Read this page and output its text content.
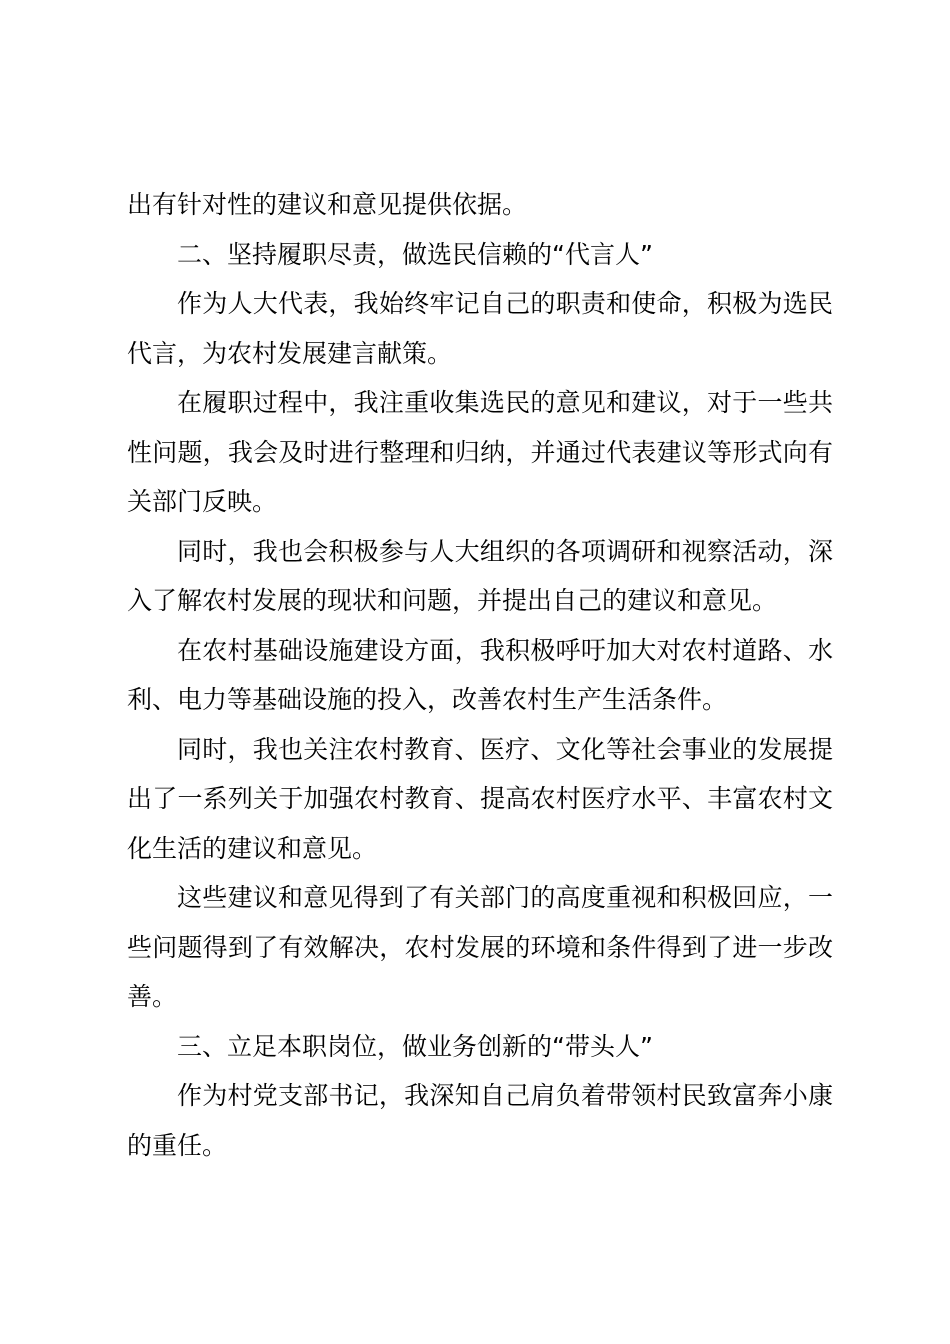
出有针对性的建议和意见提供依据。

二、坚持履职尽责，做选民信赖的“代言人”

作为人大代表，我始终牢记自己的职责和使命，积极为选民代言，为农村发展建言献策。

在履职过程中，我注重收集选民的意见和建议，对于一些共性问题，我会及时进行整理和归纳，并通过代表建议等形式向有关部门反映。

同时，我也会积极参与人大组织的各项调研和视察活动，深入了解农村发展的现状和问题，并提出自己的建议和意见。

在农村基础设施建设方面，我积极呼吁加大对农村道路、水利、电力等基础设施的投入，改善农村生产生活条件。

同时，我也关注农村教育、医疗、文化等社会事业的发展提出了一系列关于加强农村教育、提高农村医疗水平、丰富农村文化生活的建议和意见。

这些建议和意见得到了有关部门的高度重视和积极回应，一些问题得到了有效解决，农村发展的环境和条件得到了进一步改善。

三、立足本职岗位，做业务创新的“带头人”

作为村党支部书记，我深知自己肩负着带领村民致富奔小康的重任。
